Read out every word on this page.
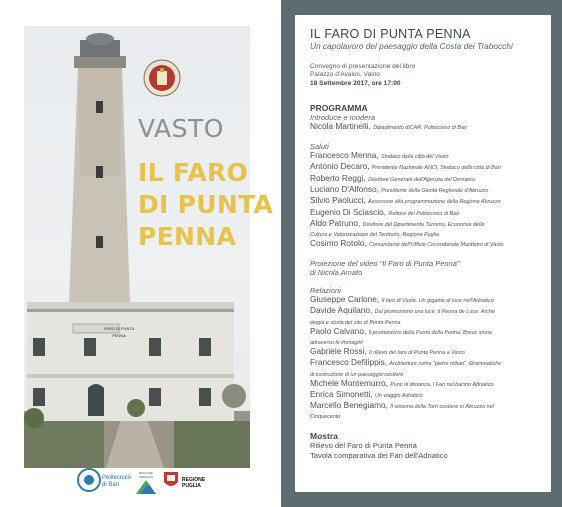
VASTO
IL FARO
DI PUNTA
PENNA
FARO DI PUNTA PENNA
Politecnico
di Bari
REGIONE ABRUZZO	REGIONE
PUGLIA
IL FARO DI PUNTA PENNA
Un capolavoro del paesaggio della Costa dei Trabocchi
Convegno di presentazione del libro
Palazzo d'Avalos, Vasto
18 Settembre 2017, ore 17:00
PROGRAMMA
Introduce e modera
Nicola Martinelli, Dipartimento dICAR, Politecnico di Bari
Saluti
Francesco Menna, Sindaco della città del Vasto
Antonio Decaro, Presidente Nazionale ANCI, Sindaco della città di Bari
Roberto Reggi, Direttore Generale dell'Agenzia del Demanio
Luciano D'Alfonso, Presidente della Giunta Regionale d'Abruzzo
Silvio Paolucci, Assessore alla programmazione della Regione Abruzzo
Eugenio Di Sciascio, Rettore del Politecnico di Bari
Aldo Patruno, Direttore del Dipartimento Turismo, Economia della
Cultura e Valorizzazione del Territorio, Regione Puglia
Cosimo Rotolo, Comandante dell'Ufficio Circondariale Marittimo di Vasto
Proiezione del video "Il Faro di Punta Penna"
di Nicola Amato
Relazioni
Giuseppe Carlone, Il faro di Vasto. Un gigante di luce nell'Adriatico
Davide Aquilano, Dal promontorio una luce: il Penna de Luce. Arche
ologia e storia del sito di Punta Penna
Paolo Calvano, Il promontorio della Punta della Penna. Breve storia
attraverso le immagini
Gabriele Rossi, Il rilievo del faro di Punta Penna a Vasto
Francesco Defilippis, Architetture come "pietre miliari". Grammatiche
di costruzione di un paesaggio costiero
Michele Montemurro, Punti di distanza. I Fari nel bacino Adriatico
Enrica Simonetti, Un viaggio Adriatico
Marcello Benegiamo, Il sistema della Torri costiere in Abruzzo nel
Cinquecento
Mostra
Rilievo del Faro di Punta Penna
Tavola comparativa dei Fari dell'Adriatico
